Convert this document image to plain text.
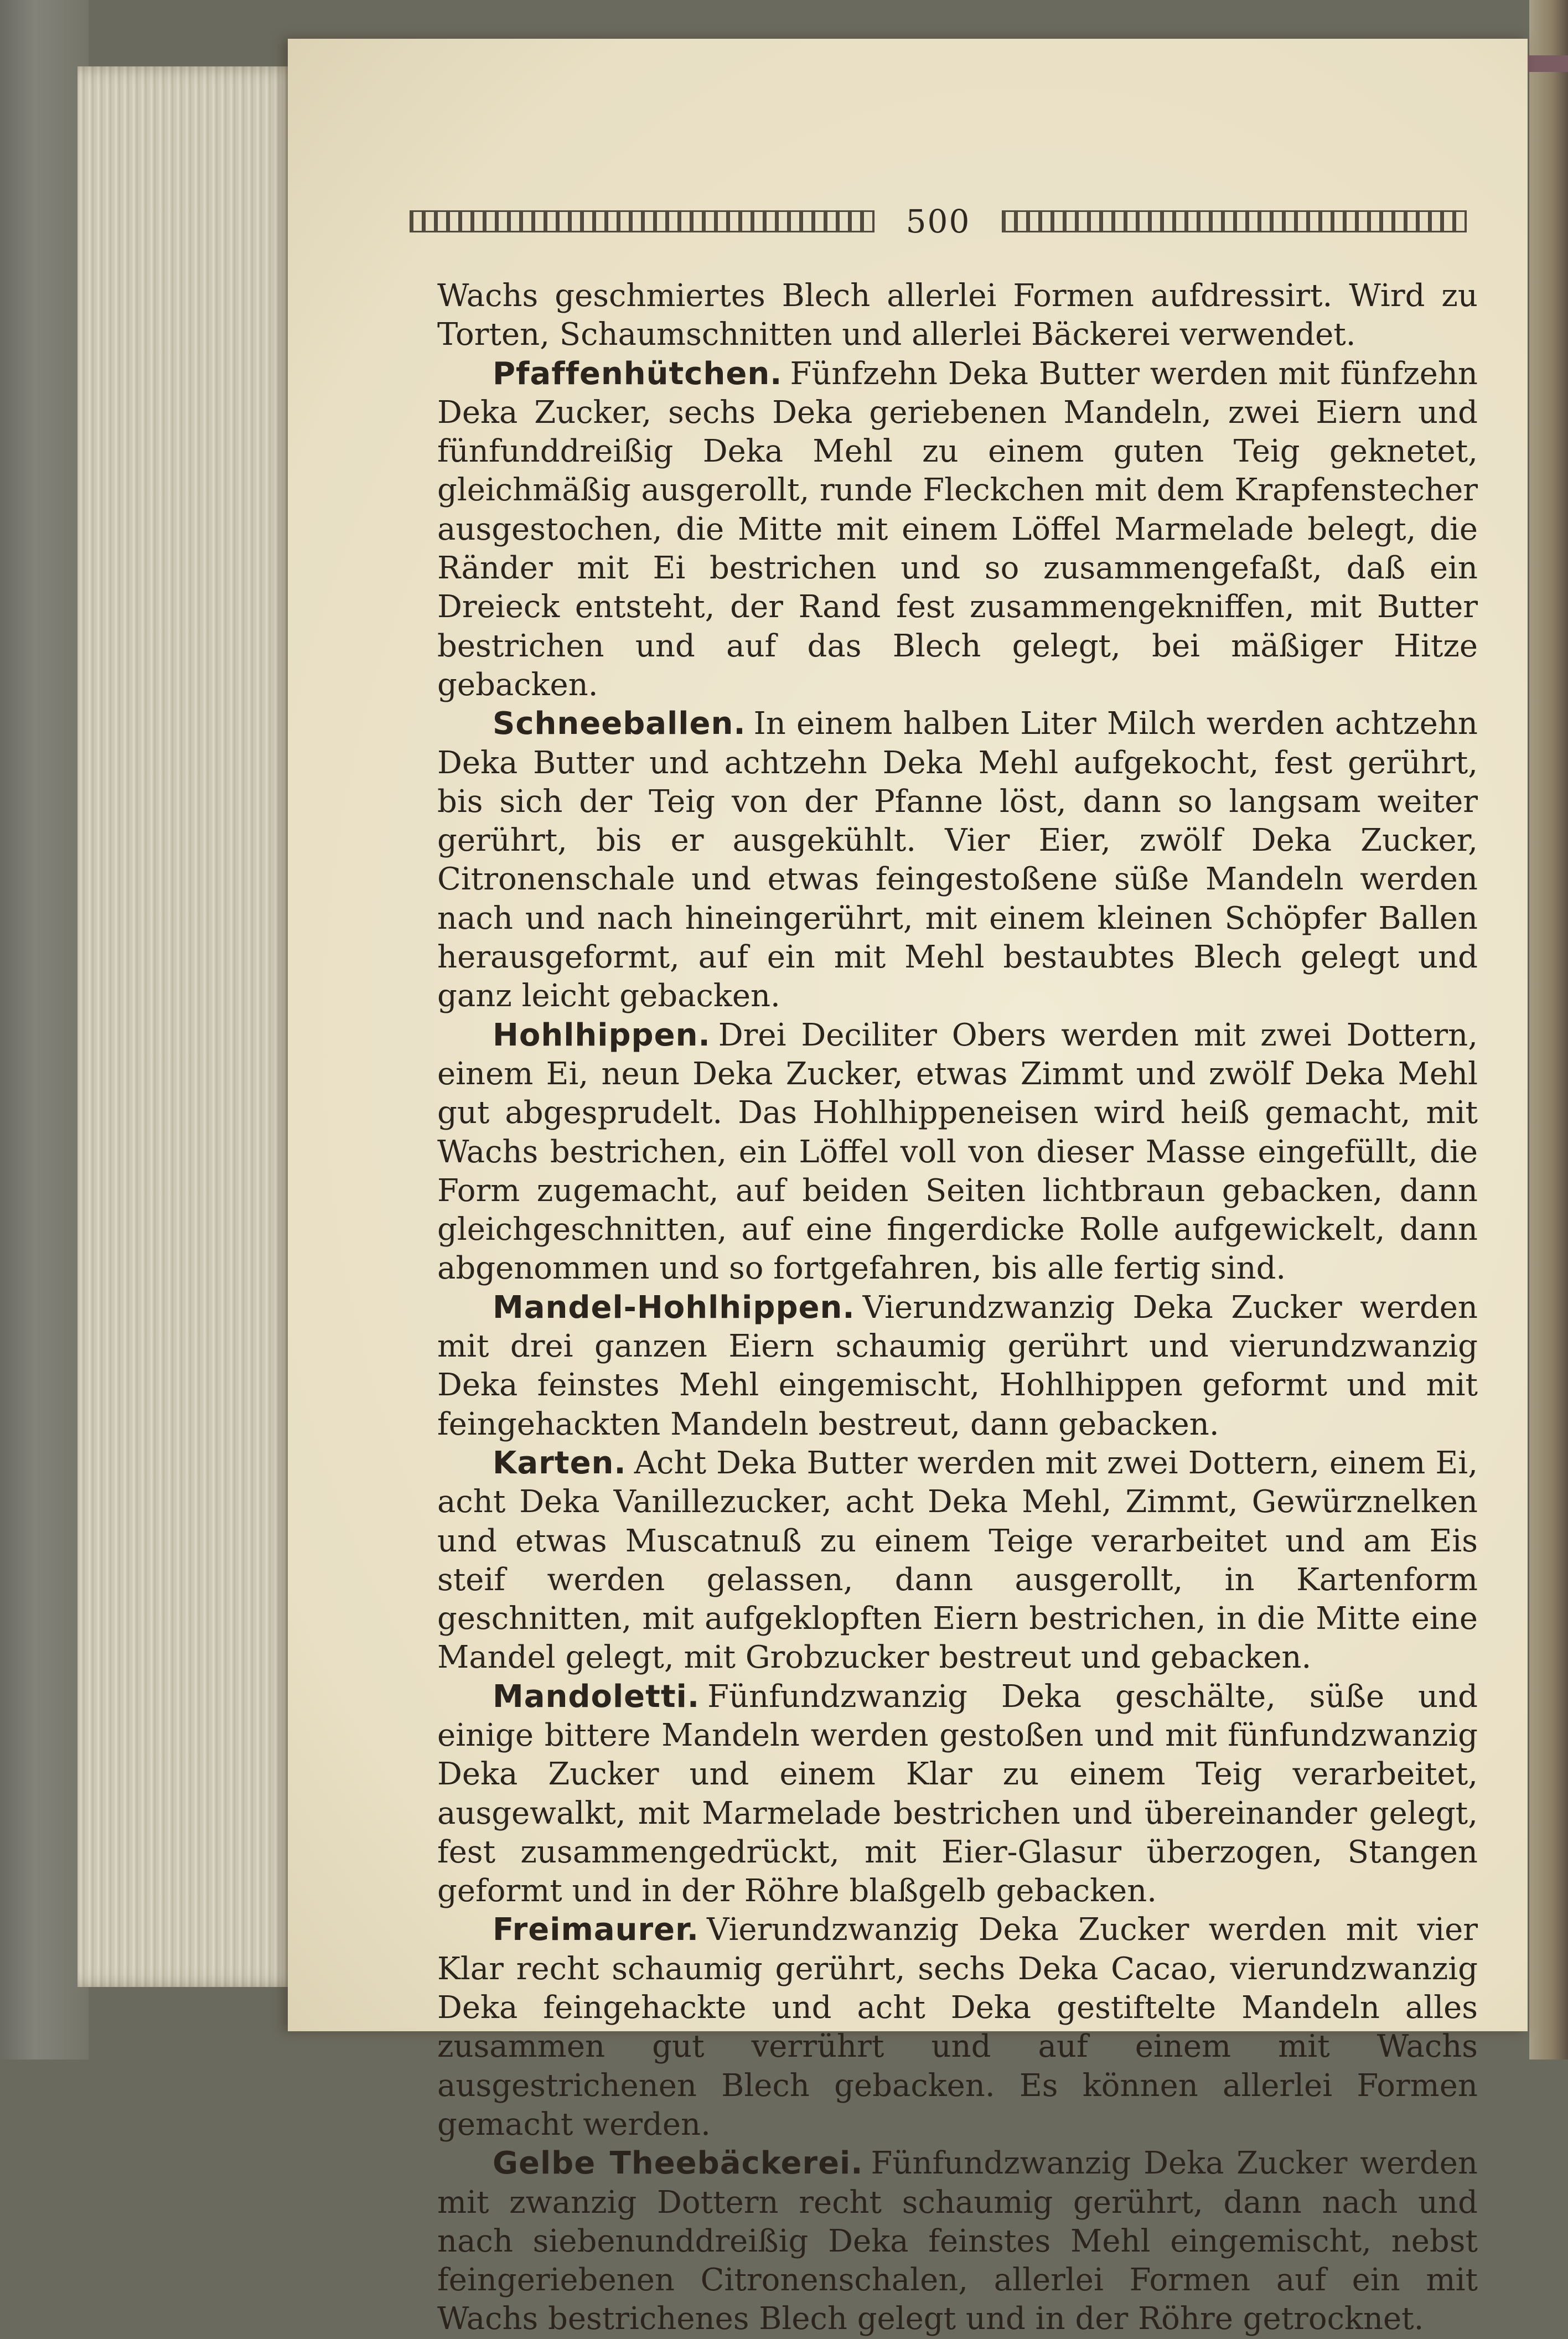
500

Wachs geschmiertes Blech allerlei Formen aufdressirt. Wird zu Torten, Schaumschnitten und allerlei Bäckerei verwendet.

Pfaffenhütchen. Fünfzehn Deka Butter werden mit fünfzehn Deka Zucker, sechs Deka geriebenen Mandeln, zwei Eiern und fünfunddreißig Deka Mehl zu einem guten Teig geknetet, gleichmäßig ausgerollt, runde Fleckchen mit dem Krapfenstecher ausgestochen, die Mitte mit einem Löffel Marmelade belegt, die Ränder mit Ei bestrichen und so zusammengefaßt, daß ein Dreieck entsteht, der Rand fest zusammengekniffen, mit Butter bestrichen und auf das Blech gelegt, bei mäßiger Hitze gebacken.

Schneeballen. In einem halben Liter Milch werden achtzehn Deka Butter und achtzehn Deka Mehl aufgekocht, fest gerührt, bis sich der Teig von der Pfanne löst, dann so langsam weiter gerührt, bis er ausgekühlt. Vier Eier, zwölf Deka Zucker, Citronenschale und etwas feingestoßene süße Mandeln werden nach und nach hineingerührt, mit einem kleinen Schöpfer Ballen herausgeformt, auf ein mit Mehl bestaubtes Blech gelegt und ganz leicht gebacken.

Hohlhippen. Drei Deciliter Obers werden mit zwei Dottern, einem Ei, neun Deka Zucker, etwas Zimmt und zwölf Deka Mehl gut abgesprudelt. Das Hohlhippeneisen wird heiß gemacht, mit Wachs bestrichen, ein Löffel voll von dieser Masse eingefüllt, die Form zugemacht, auf beiden Seiten lichtbraun gebacken, dann gleichgeschnitten, auf eine fingerdicke Rolle aufgewickelt, dann abgenommen und so fortgefahren, bis alle fertig sind.

Mandel-Hohlhippen. Vierundzwanzig Deka Zucker werden mit drei ganzen Eiern schaumig gerührt und vierundzwanzig Deka feinstes Mehl eingemischt, Hohlhippen geformt und mit feingehackten Mandeln bestreut, dann gebacken.

Karten. Acht Deka Butter werden mit zwei Dottern, einem Ei, acht Deka Vanillezucker, acht Deka Mehl, Zimmt, Gewürznelken und etwas Muscatnuß zu einem Teige verarbeitet und am Eis steif werden gelassen, dann ausgerollt, in Kartenform geschnitten, mit aufgeklopften Eiern bestrichen, in die Mitte eine Mandel gelegt, mit Grobzucker bestreut und gebacken.

Mandoletti. Fünfundzwanzig Deka geschälte, süße und einige bittere Mandeln werden gestoßen und mit fünfundzwanzig Deka Zucker und einem Klar zu einem Teig verarbeitet, ausgewalkt, mit Marmelade bestrichen und übereinander gelegt, fest zusammengedrückt, mit Eier-Glasur überzogen, Stangen geformt und in der Röhre blaßgelb gebacken.

Freimaurer. Vierundzwanzig Deka Zucker werden mit vier Klar recht schaumig gerührt, sechs Deka Cacao, vierundzwanzig Deka feingehackte und acht Deka gestiftelte Mandeln alles zusammen gut verrührt und auf einem mit Wachs ausgestrichenen Blech gebacken. Es können allerlei Formen gemacht werden.

Gelbe Theebäckerei. Fünfundzwanzig Deka Zucker werden mit zwanzig Dottern recht schaumig gerührt, dann nach und nach siebenunddreißig Deka feinstes Mehl eingemischt, nebst feingeriebenen Citronenschalen, allerlei Formen auf ein mit Wachs bestrichenes Blech gelegt und in der Röhre getrocknet.
